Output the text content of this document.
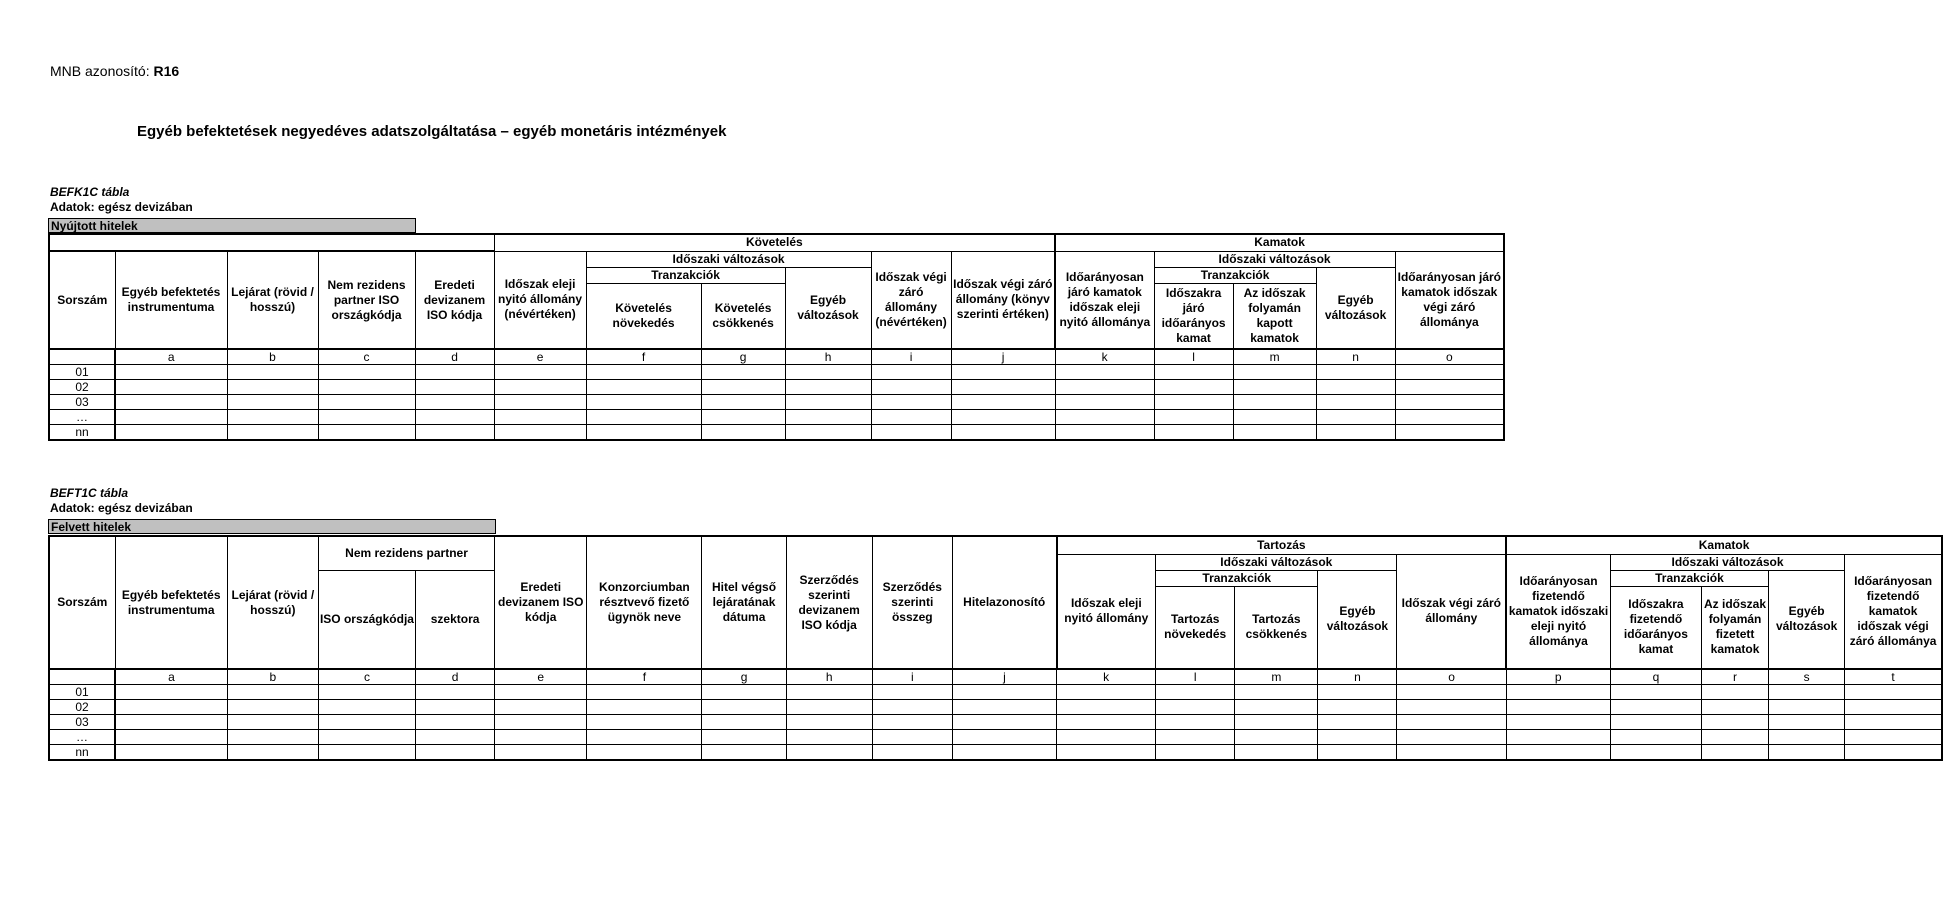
MNB azonosító: R16
Egyéb befektetések negyedéves adatszolgáltatása – egyéb monetáris intézmények
BEFK1C tábla
Adatok: egész devizában
Nyújtott hitelek
					Követelés						Kamatok				
Sorszám	Egyéb befektetés instrumentuma	Lejárat (rövid / hosszú)	Nem rezidens partner ISO országkódja	Eredeti devizanem ISO kódja	Időszak eleji nyitó állomány (névértéken)	Időszaki változások			Időszak végi záró állomány (névértéken)	Időszak végi záró állomány (könyv szerinti értéken)	Időarányosan járó kamatok időszak eleji nyitó állománya	Időszaki változások			Időarányosan járó kamatok időszak végi záró állománya
						Tranzakciók		Egyéb változások				Tranzakciók		Egyéb változások	
						Követelés növekedés	Követelés csökkenés					Időszakra járó időarányos kamat	Az időszak folyamán kapott kamatok		
	a	b	c	d	e	f	g	h	i	j	k	l	m	n	o
01															
02															
03															
…															
nn															
BEFT1C tábla
Adatok: egész devizában
Felvett hitelek
Sorszám	Egyéb befektetés instrumentuma	Lejárat (rövid / hosszú)	Nem rezidens partner		Eredeti devizanem ISO kódja	Konzorciumban résztvevő fizető ügynök neve	Hitel végső lejáratának dátuma	Szerződés szerinti devizanem ISO kódja	Szerződés szerinti összeg	Hitelazonosító	Tartozás					Kamatok				
											Időszak eleji nyitó állomány	Időszaki változások			Időszak végi záró állomány	Időarányosan fizetendő kamatok időszaki eleji nyitó állománya	Időszaki változások			Időarányosan fizetendő kamatok időszak végi záró állománya
			ISO országkódja	szektora								Tranzakciók		Egyéb változások			Tranzakciók		Egyéb változások	
												Tartozás növekedés	Tartozás csökkenés				Időszakra fizetendő időarányos kamat	Az időszak folyamán fizetett kamatok		
	a	b	c	d	e	f	g	h	i	j	k	l	m	n	o	p	q	r	s	t
01																				
02																				
03																				
…																				
nn																				
